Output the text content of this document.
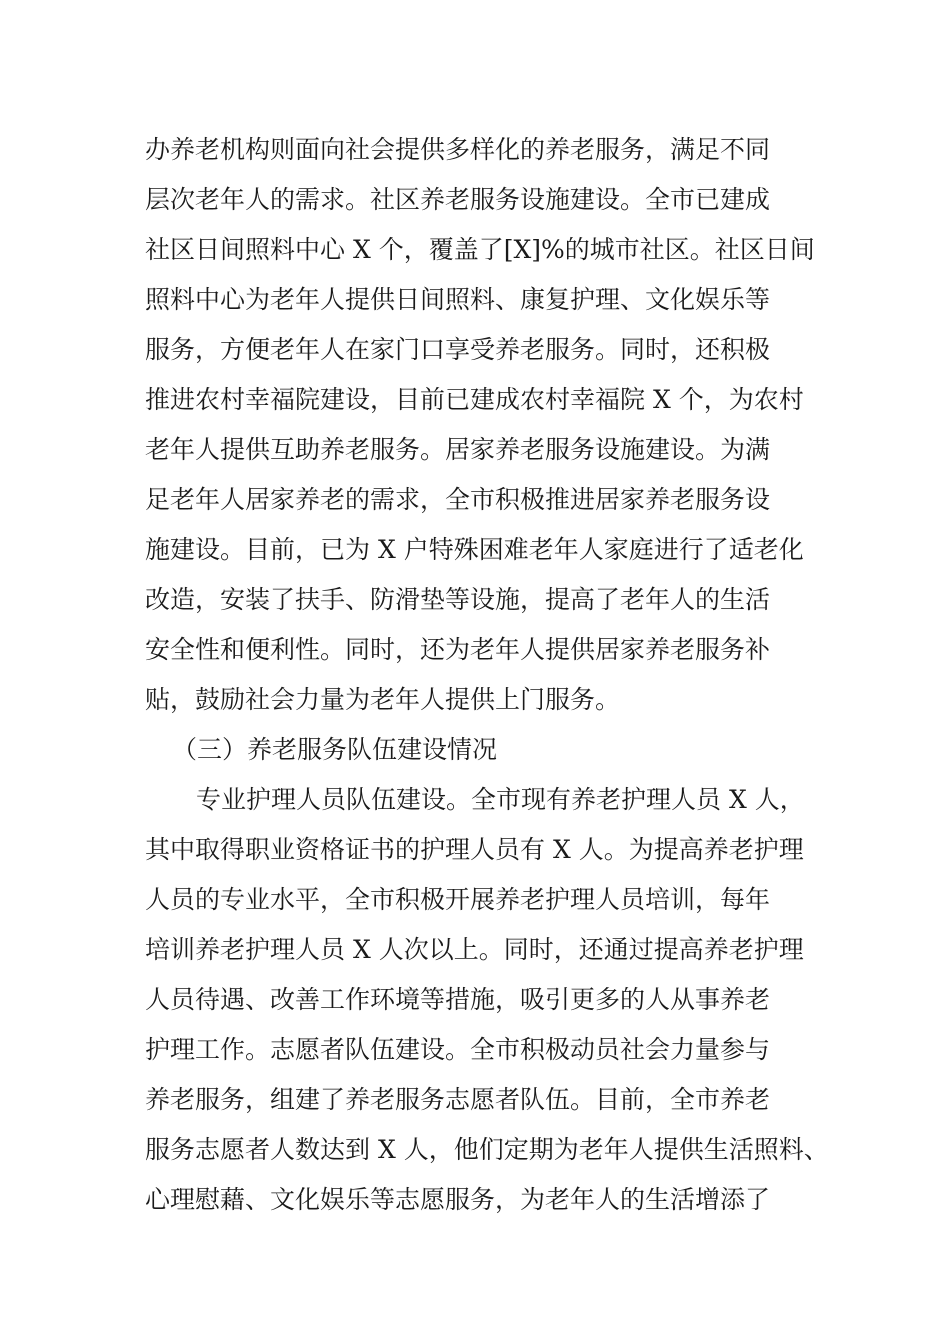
办养老机构则面向社会提供多样化的养老服务，满足不同
层次老年人的需求。社区养老服务设施建设。全市已建成
社区日间照料中心 X 个，覆盖了[X]%的城市社区。社区日间
照料中心为老年人提供日间照料、康复护理、文化娱乐等
服务，方便老年人在家门口享受养老服务。同时，还积极
推进农村幸福院建设，目前已建成农村幸福院 X 个，为农村
老年人提供互助养老服务。居家养老服务设施建设。为满
足老年人居家养老的需求，全市积极推进居家养老服务设
施建设。目前，已为 X 户特殊困难老年人家庭进行了适老化
改造，安装了扶手、防滑垫等设施，提高了老年人的生活
安全性和便利性。同时，还为老年人提供居家养老服务补
贴，鼓励社会力量为老年人提供上门服务。
（三）养老服务队伍建设情况
专业护理人员队伍建设。全市现有养老护理人员 X 人，
其中取得职业资格证书的护理人员有 X 人。为提高养老护理
人员的专业水平，全市积极开展养老护理人员培训，每年
培训养老护理人员 X 人次以上。同时，还通过提高养老护理
人员待遇、改善工作环境等措施，吸引更多的人从事养老
护理工作。志愿者队伍建设。全市积极动员社会力量参与
养老服务，组建了养老服务志愿者队伍。目前，全市养老
服务志愿者人数达到 X 人，他们定期为老年人提供生活照料、
心理慰藉、文化娱乐等志愿服务，为老年人的生活增添了
